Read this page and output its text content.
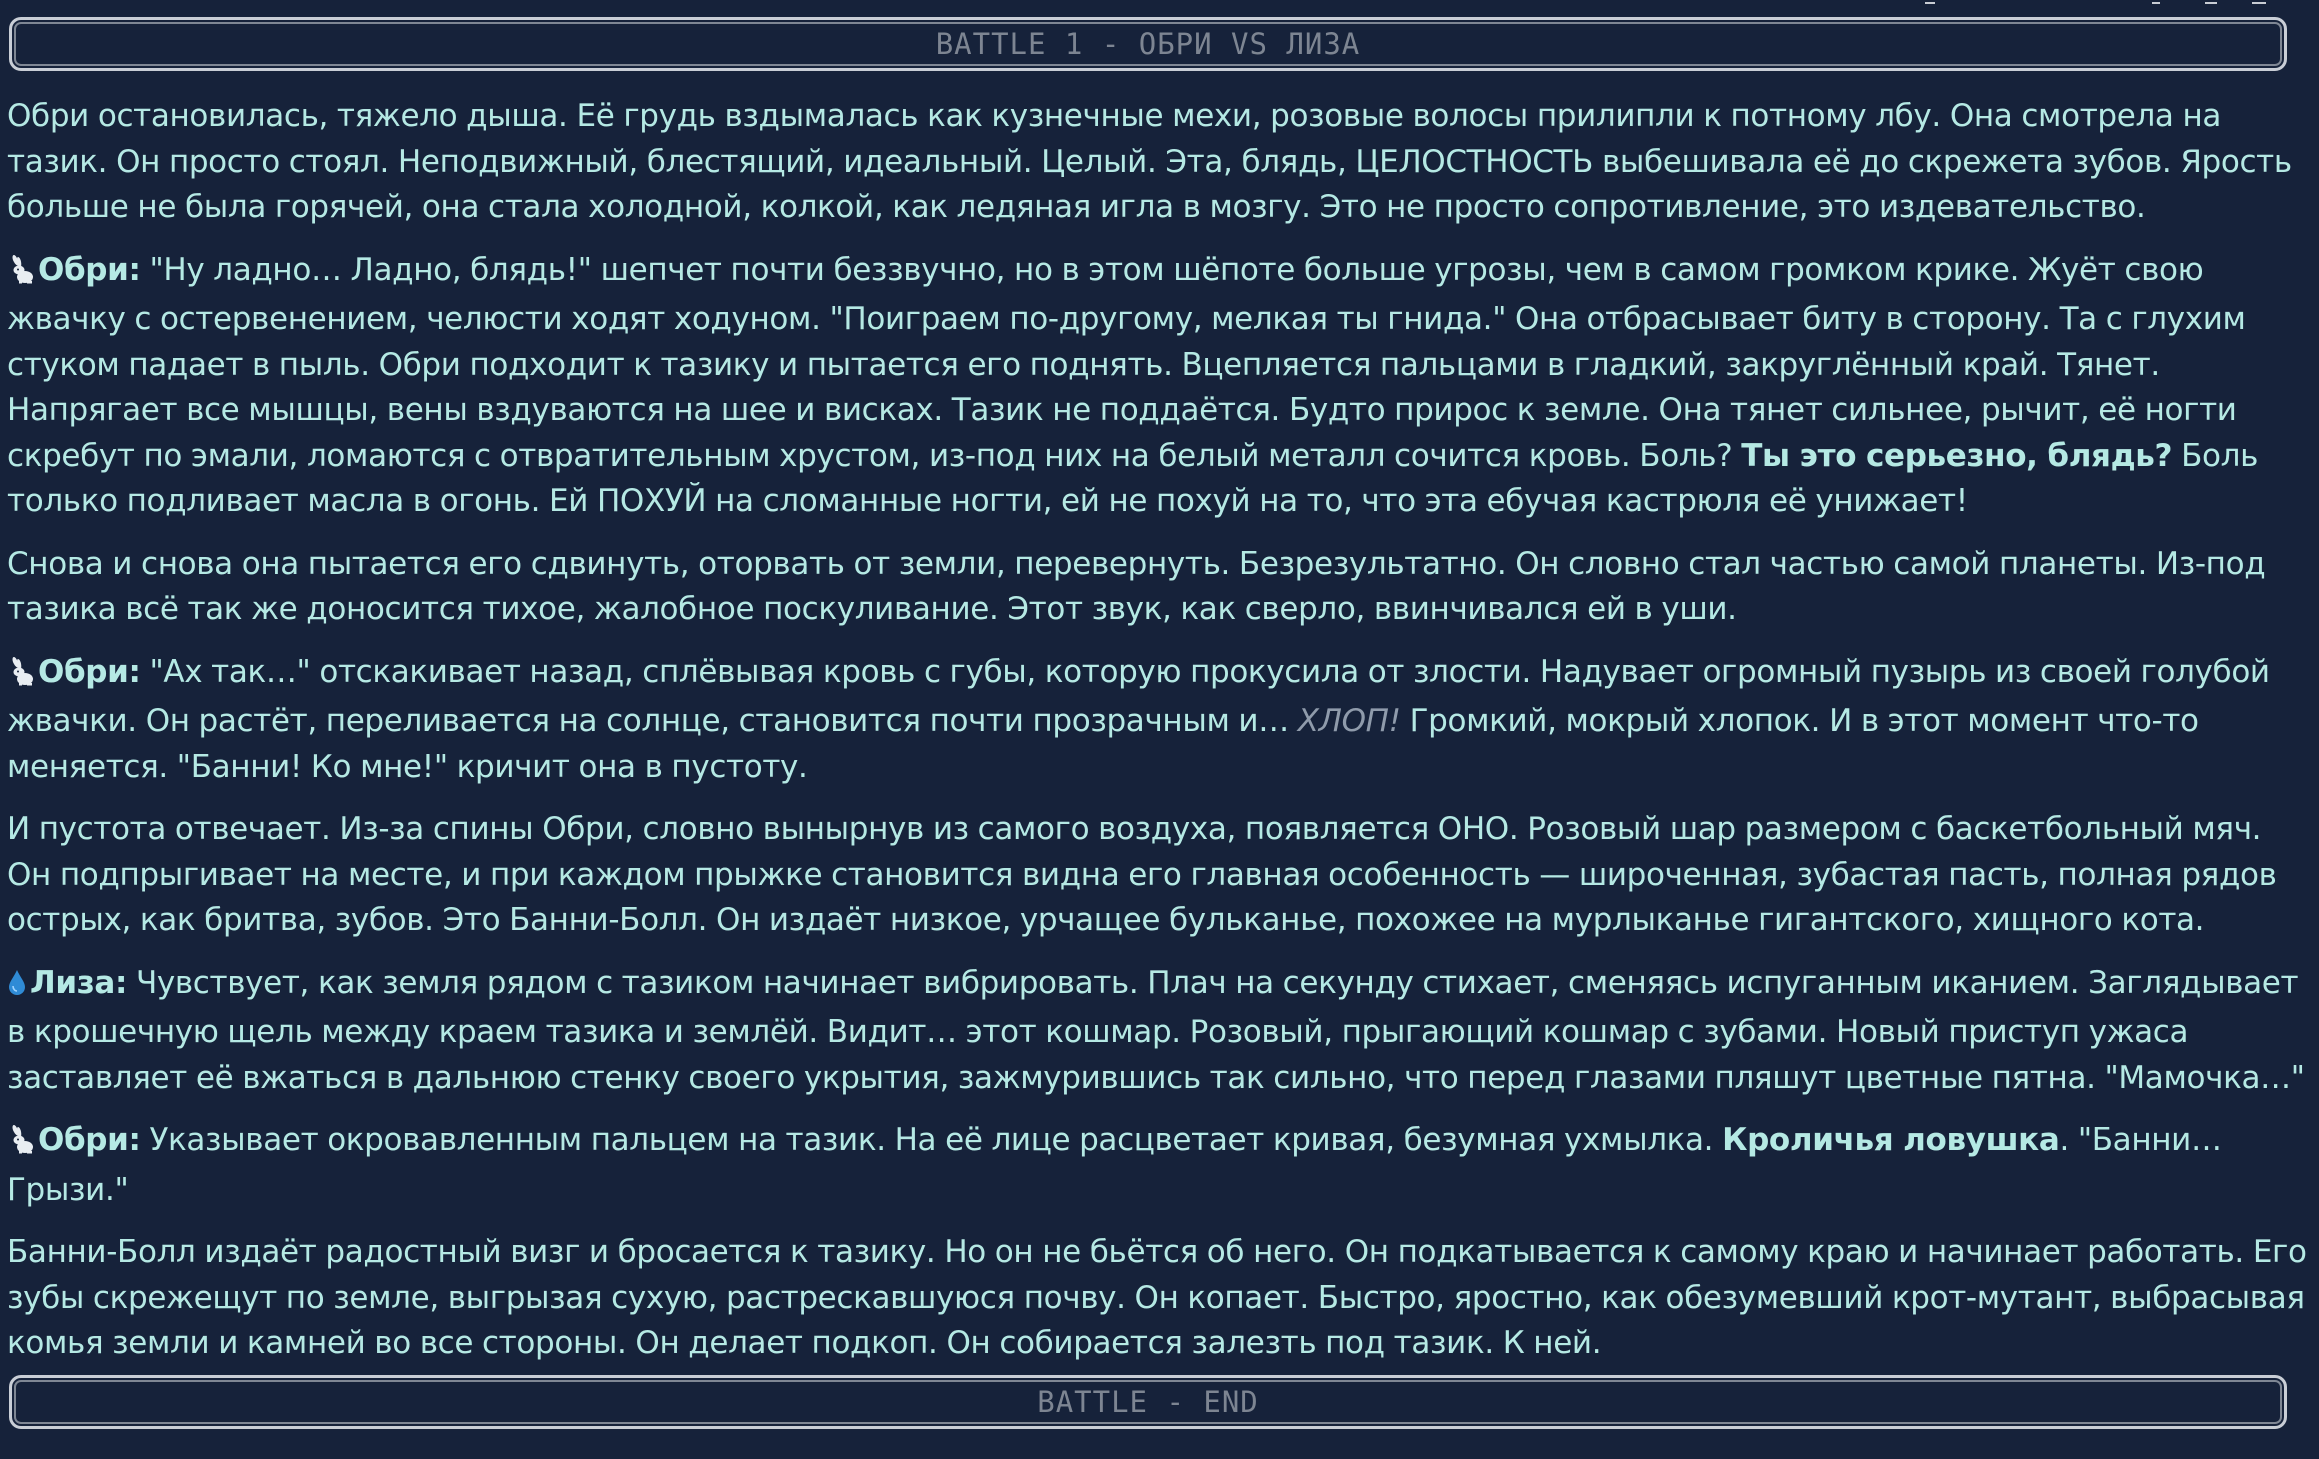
BATTLE 1 - ОБРИ VS ЛИЗА

Обри остановилась, тяжело дыша. Её грудь вздымалась как кузнечные мехи, розовые волосы прилипли к потному лбу. Она смотрела на тазик. Он просто стоял. Неподвижный, блестящий, идеальный. Целый. Эта, блядь, ЦЕЛОСТНОСТЬ выбешивала её до скрежета зубов. Ярость больше не была горячей, она стала холодной, колкой, как ледяная игла в мозгу. Это не просто сопротивление, это издевательство.

Обри: "Ну ладно… Ладно, блядь!" шепчет почти беззвучно, но в этом шёпоте больше угрозы, чем в самом громком крике. Жуёт свою жвачку с остервенением, челюсти ходят ходуном. "Поиграем по-другому, мелкая ты гнида." Она отбрасывает биту в сторону. Та с глухим стуком падает в пыль. Обри подходит к тазику и пытается его поднять. Вцепляется пальцами в гладкий, закруглённый край. Тянет. Напрягает все мышцы, вены вздуваются на шее и висках. Тазик не поддаётся. Будто прирос к земле. Она тянет сильнее, рычит, её ногти скребут по эмали, ломаются с отвратительным хрустом, из-под них на белый металл сочится кровь. Боль? Ты это серьезно, блядь? Боль только подливает масла в огонь. Ей ПОХУЙ на сломанные ногти, ей не похуй на то, что эта ебучая кастрюля её унижает!

Снова и снова она пытается его сдвинуть, оторвать от земли, перевернуть. Безрезультатно. Он словно стал частью самой планеты. Из-под тазика всё так же доносится тихое, жалобное поскуливание. Этот звук, как сверло, ввинчивался ей в уши.

Обри: "Ах так…" отскакивает назад, сплёвывая кровь с губы, которую прокусила от злости. Надувает огромный пузырь из своей голубой жвачки. Он растёт, переливается на солнце, становится почти прозрачным и… ХЛОП! Громкий, мокрый хлопок. И в этот момент что-то меняется. "Банни! Ко мне!" кричит она в пустоту.

И пустота отвечает. Из-за спины Обри, словно вынырнув из самого воздуха, появляется ОНО. Розовый шар размером с баскетбольный мяч. Он подпрыгивает на месте, и при каждом прыжке становится видна его главная особенность — широченная, зубастая пасть, полная рядов острых, как бритва, зубов. Это Банни-Болл. Он издаёт низкое, урчащее бульканье, похожее на мурлыканье гигантского, хищного кота.

Лиза: Чувствует, как земля рядом с тазиком начинает вибрировать. Плач на секунду стихает, сменяясь испуганным иканием. Заглядывает в крошечную щель между краем тазика и землёй. Видит… этот кошмар. Розовый, прыгающий кошмар с зубами. Новый приступ ужаса заставляет её вжаться в дальнюю стенку своего укрытия, зажмурившись так сильно, что перед глазами пляшут цветные пятна. "Мамочка…"

Обри: Указывает окровавленным пальцем на тазик. На её лице расцветает кривая, безумная ухмылка. Кроличья ловушка. "Банни… Грызи."

Банни-Болл издаёт радостный визг и бросается к тазику. Но он не бьётся об него. Он подкатывается к самому краю и начинает работать. Его зубы скрежещут по земле, выгрызая сухую, растрескавшуюся почву. Он копает. Быстро, яростно, как обезумевший крот-мутант, выбрасывая комья земли и камней во все стороны. Он делает подкоп. Он собирается залезть под тазик. К ней.

BATTLE - END
